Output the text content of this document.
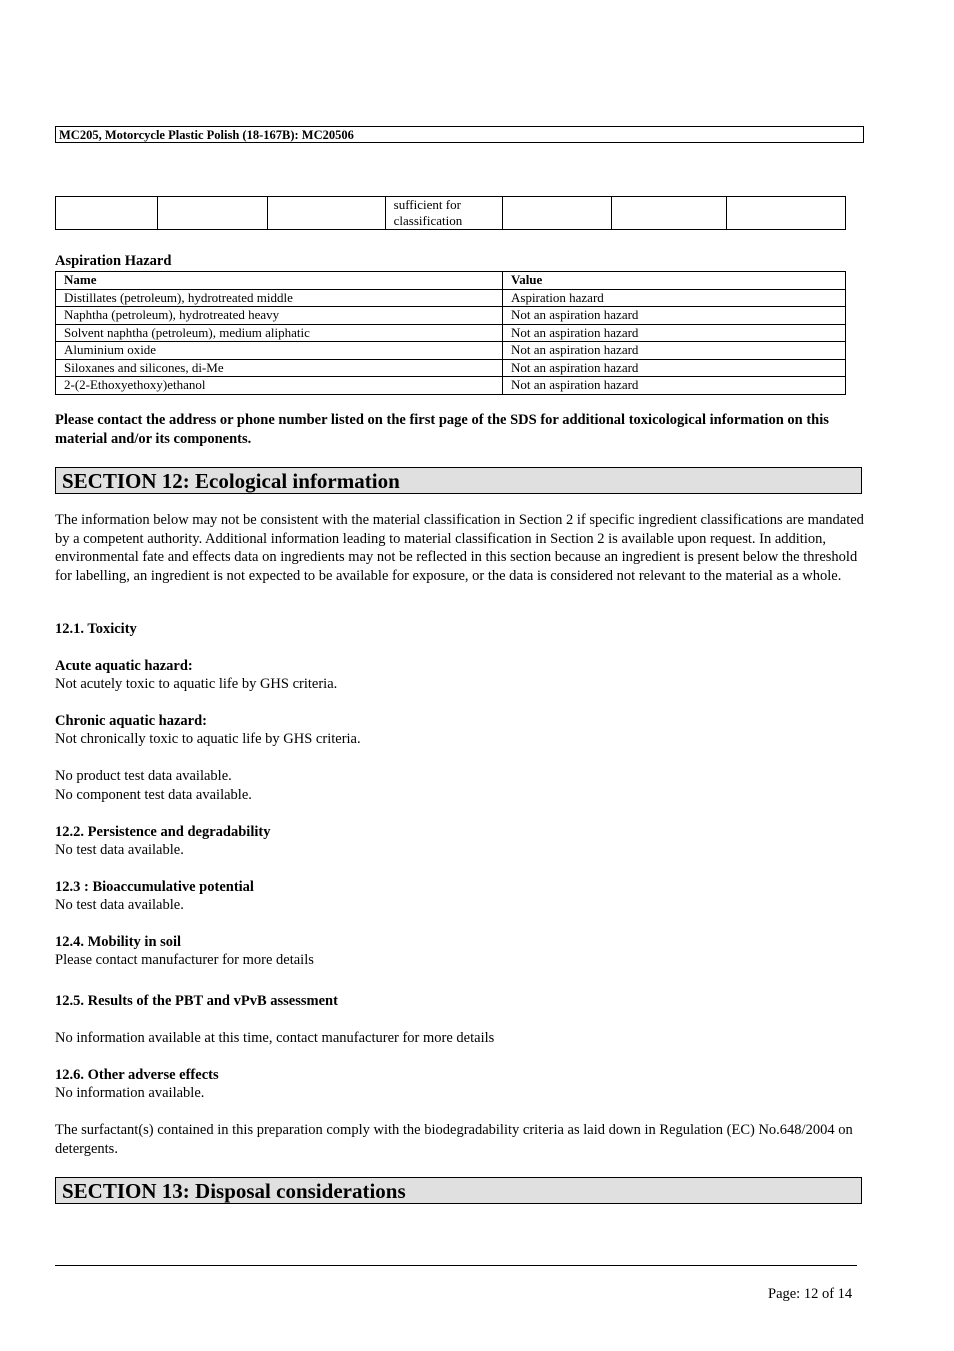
MC205, Motorcycle Plastic Polish (18-167B): MC20506
			sufficient for classification			
Aspiration Hazard
Name	Value
Distillates (petroleum), hydrotreated middle	Aspiration hazard
Naphtha (petroleum), hydrotreated heavy	Not an aspiration hazard
Solvent naphtha (petroleum), medium aliphatic	Not an aspiration hazard
Aluminium oxide	Not an aspiration hazard
Siloxanes and silicones, di-Me	Not an aspiration hazard
2-(2-Ethoxyethoxy)ethanol	Not an aspiration hazard
Please contact the address or phone number listed on the first page of the SDS for additional toxicological information on this material and/or its components.
SECTION 12: Ecological information
The information below may not be consistent with the material classification in Section 2 if specific ingredient classifications are mandated by a competent authority. Additional information leading to material classification in Section 2 is available upon request. In addition, environmental fate and effects data on ingredients may not be reflected in this section because an ingredient is present below the threshold for labelling, an ingredient is not expected to be available for exposure, or the data is considered not relevant to the material as a whole.
12.1. Toxicity
Acute aquatic hazard:
Not acutely toxic to aquatic life by GHS criteria.
Chronic aquatic hazard:
Not chronically toxic to aquatic life by GHS criteria.
No product test data available.
No component test data available.
12.2. Persistence and degradability
No test data available.
12.3 : Bioaccumulative potential
No test data available.
12.4. Mobility in soil
Please contact manufacturer for more details
12.5. Results of the PBT and vPvB assessment
No information available at this time, contact manufacturer for more details
12.6. Other adverse effects
No information available.
The surfactant(s) contained in this preparation comply with the biodegradability criteria as laid down in Regulation (EC) No.648/2004 on detergents.
SECTION 13: Disposal considerations
Page: 12 of 14
